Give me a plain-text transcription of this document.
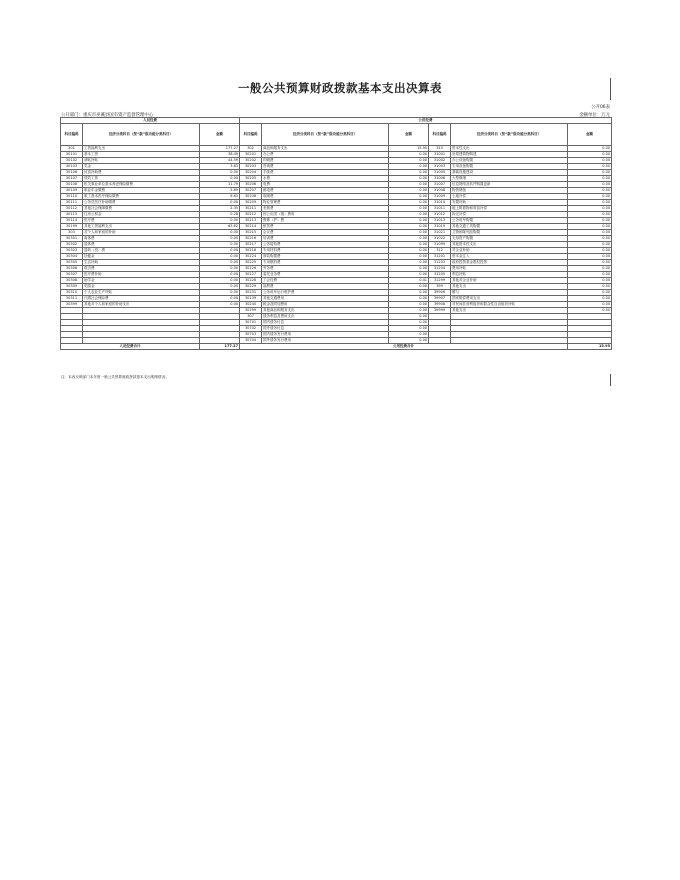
一般公共预算财政拨款基本支出决算表
公开06表
公开部门：重庆市巫溪县国有资产监督管理中心	金额单位：万元
人员经费			公用经费					
科目编码	经济分类科目（按“款”级功能分类科目）	金额	科目编码	经济分类科目（按“款”级功能分类科目）	金额	科目编码	经济分类科目（按“款”级功能分类科目）	金额
301	工资福利支出	177.27	302	商品和服务支出	15.95	310	资本性支出	0.00
30101	基本工资	38.49	30201	办公费	0.00	31001	房屋建筑物购建	0.00
30102	津贴补贴	44.59	30202	印刷费	0.00	31002	办公设备购置	0.00
30103	奖金	3.63	30203	咨询费	0.00	31003	专用设备购置	0.00
30106	伙食补助费	0.00	30204	手续费	0.00	31005	基础设施建设	0.00
30107	绩效工资	0.00	30205	水费	0.00	31006	大型修缮	0.00
30108	机关事业单位基本养老保险缴费	11.79	30206	电费	0.00	31007	信息网络及软件购置更新	0.00
30109	职业年金缴费	5.89	30207	邮电费	0.00	31008	物资储备	0.00
30110	职工基本医疗保险缴费	6.63	30208	取暖费	0.00	31009	土地补偿	0.00
30111	公务员医疗补助缴费	0.00	30209	物业管理费	0.00	31010	安置补助	0.00
30112	其他社会保障缴费	2.35	30211	差旅费	0.00	31011	地上附着物和青苗补偿	0.00
30113	住房公积金	0.28	30212	因公出国（境）费用	0.00	31012	拆迁补偿	0.00
30114	医疗费	0.00	30213	维修（护）费	0.00	31013	公务用车购置	0.00
30199	其他工资福利支出	63.62	30214	租赁费	0.00	31019	其他交通工具购置	0.00
303	对个人和家庭的补助	0.00	30215	会议费	0.00	31021	文物和陈列品购置	0.00
30301	离休费	0.00	30216	培训费	0.00	31022	无形资产购置	0.00
30302	退休费	0.00	30217	公务接待费	0.00	31099	其他资本性支出	0.00
30303	退职（役）费	0.00	30218	专用材料费	0.00	312	对企业补助	0.00
30304	抚恤金	0.00	30224	被装购置费	0.00	31201	资本金注入	0.00
30305	生活补助	0.00	30225	专用燃料费	0.00	31203	政府投资基金股权投资	0.00
30306	救济费	0.00	30226	劳务费	0.00	31204	费用补贴	0.00
30307	医疗费补助	0.00	30227	委托业务费	0.00	31205	利息补贴	0.00
30308	助学金	0.00	30228	工会经费	0.41	31299	其他对企业补助	0.00
30309	奖励金	0.00	30229	福利费	0.00	399	其他支出	0.00
30310	个人农业生产补贴	0.00	30231	公务用车运行维护费	0.00	39906	赠与	0.00
30311	代缴社会保险费	0.00	30239	其他交通费用	0.00	39907	国家赔偿费用支出	0.00
30399	其他对个人和家庭的补助支出	0.00	30240	税金及附加费用	0.00	39908	对民间非营利组织和群众性自治组织补贴	0.00
			30299	其他商品和服务支出	0.00	39999	其他支出	0.00
			307	债务利息及费用支出	0.00			
			30701	国内债务付息	0.00			
			30702	国外债务付息	0.00			
			30703	国内债务发行费用	0.00			
			30704	国外债务发行费用	0.00			
人员经费合计		177.27	公用经费合计					15.95
注：本表反映部门本年度一般公共预算财政拨款基本支出明细情况。
